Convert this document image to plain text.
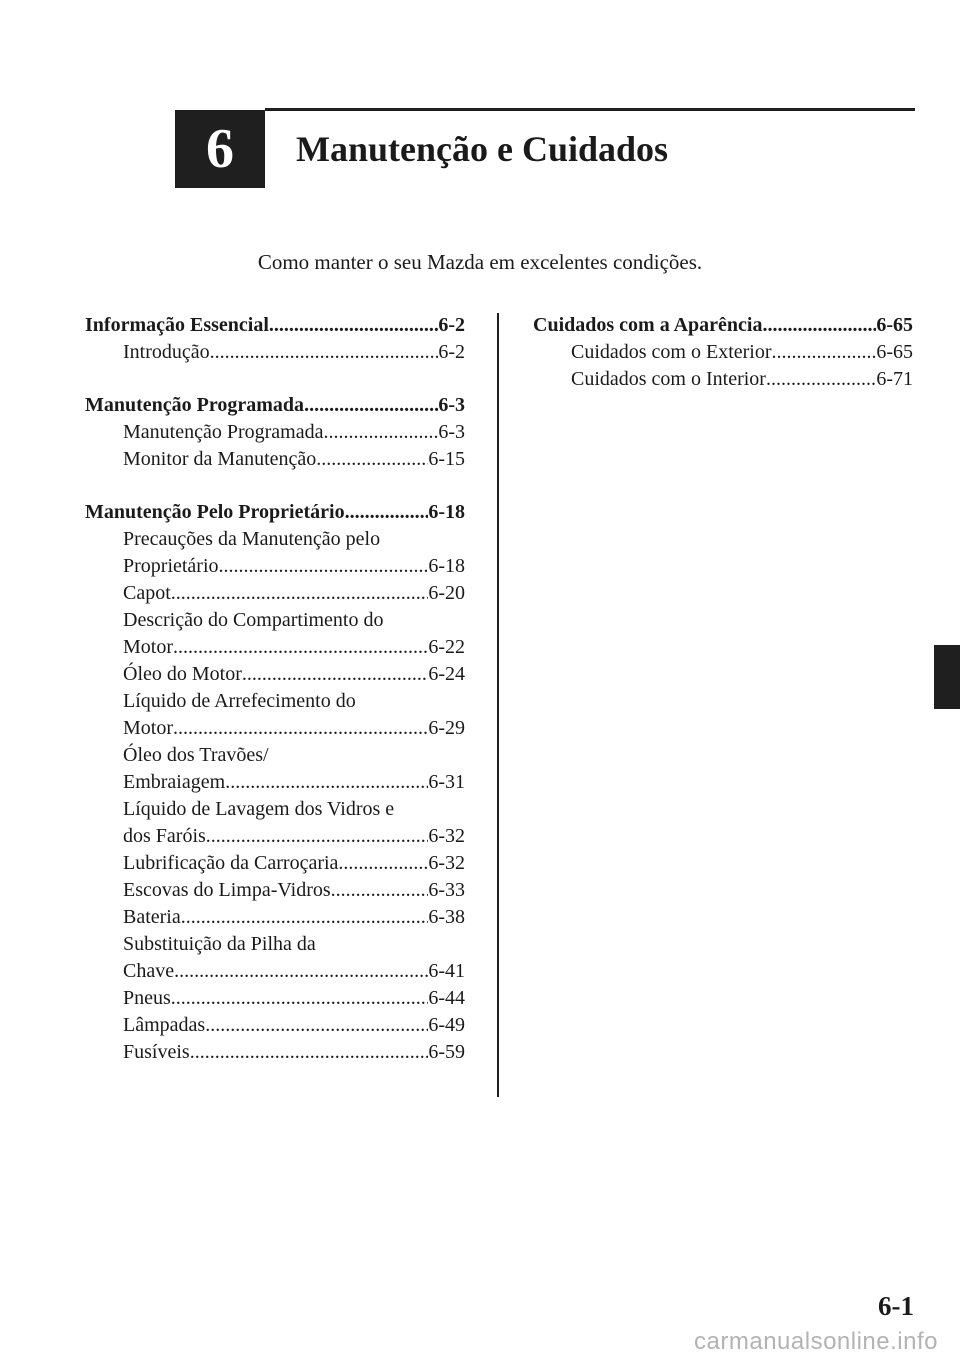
6	Manutenção e Cuidados
Como manter o seu Mazda em excelentes condições.
Informação Essencial .....	6-2
Introdução .....	6-2
Manutenção Programada .....	6-3
Manutenção Programada .....	6-3
Monitor da Manutenção .....	6-15
Manutenção Pelo Proprietário .....	6-18
Precauções da Manutenção pelo
Proprietário .....	6-18
Capot .....	6-20
Descrição do Compartimento do
Motor .....	6-22
Óleo do Motor .....	6-24
Líquido de Arrefecimento do
Motor .....	6-29
Óleo dos Travões/
Embraiagem .....	6-31
Líquido de Lavagem dos Vidros e
dos Faróis .....	6-32
Lubrificação da Carroçaria .....	6-32
Escovas do Limpa-Vidros .....	6-33
Bateria .....	6-38
Substituição da Pilha da
Chave .....	6-41
Pneus .....	6-44
Lâmpadas .....	6-49
Fusíveis .....	6-59
Cuidados com a Aparência .....	6-65
Cuidados com o Exterior .....	6-65
Cuidados com o Interior .....	6-71
6-1
carmanualsonline.info
